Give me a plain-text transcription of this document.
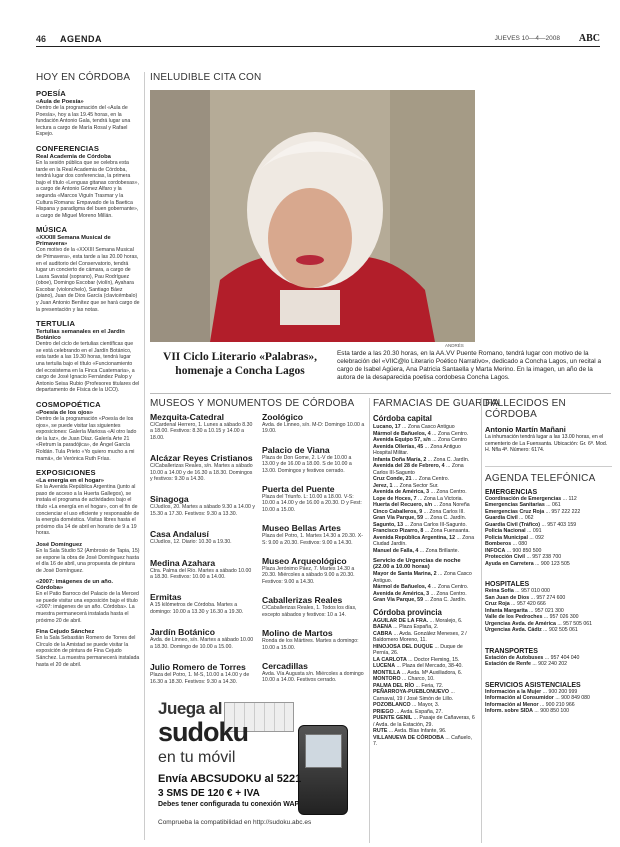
46 AGENDA	JUEVES 10—4—2008 ABC
HOY EN CÓRDOBA
POESÍA
«Aula de Poesía»

Dentro de la programación del «Aula de Poesía», hoy a las 19.45 horas, en la fundación Antonio Gala, tendrá lugar una lectura a cargo de María Rosal y Rafael Espejo.

CONFERENCIAS
Real Academia de Córdoba

En la sesión pública que se celebra esta tarde en la Real Academia de Córdoba, tendrá lugar dos conferencias, la primera bajo el título «Lenguas gitanas cordobesas», a cargo de Antonio Gómez Alfaro y la segunda «Marcos Viguín Trasmar y la Cultura Romana: Empavado de la Baetica Hispana y paradigma del buen gobernante», a cargo de Miguel Moreno Millán.

MÚSICA
«XXXIII Semana Musical de Primavera»

Con motivo de la «XXXIII Semana Musical de Primavera», esta tarde a las 20.00 horas, en el auditorio del Conservatorio, tendrá lugar un concierto de cámara, a cargo de Laura Savatal (soprano), Pau Rodríguez (oboe), Domingo Escobar (violín), Ayahara Escobar (violonchelo), Santiago Báez (piano), Juan de Dios García (clavicémbalo) y Juan Antonio Benítez que se hará cargo de la presentación y las notas.

TERTULIA
Tertulias semanales en el Jardín Botánico

Dentro del ciclo de tertulias científicas que se está celebrando en el Jardín Botánico, esta tarde a las 19.30 horas, tendrá lugar una tertulia bajo el título «Funcionamiento del ecosistema en la Finca Cuaternaria», a cargo de José Ignacio Fernández Palop y Antonio Seisa Rubio (Profesores titulares del departamento de Física de la UCO).

COSMOPOÉTICA
«Poesía de los ojos»

Dentro de la programación «Poesía de los ojos», se puede visitar las siguientes exposiciones: Galería Mariosa «Al otro lado de la luz», de Juan Díaz. Galería Arte 21 «Retrum la paradójica», de Ángel García Roldán. Tula Prieto «Yo quiero mucho a mi mamá», de Verónica Ruth Frías.

EXPOSICIONES
«La energía en el hogar»

En la Avenida República Argentina (junto al paso de acceso a la Huerta Gallegos), se instala el programa de actividades bajo el título «La energía en el hogar», con el fin de concienciar el uso eficiente y responsable de la energía doméstica. Visitas libres hasta el próximo día 14 de abril en horario de 9 a 19 horas.

José Domínguez

En la Sala Studio 52 (Ambrosio de Tapia, 15) se expone la obra de José Domínguez hasta el día 16 de abril, una propuesta de pintura de José Domínguez.

«2007: imágenes de un año. Córdoba»

En el Patio Barroco del Palacio de la Merced se puede visitar una exposición bajo el título «2007: imágenes de un año. Córdoba». La muestra permanecerá instalada hasta el próximo 20 de abril.

Fina Cejudo Sánchez

En la Sala Sebastián Romero de Torres del Círculo de la Amistad se puede visitar la exposición de pintura de Fina Cejudo Sánchez. La muestra permanecerá instalada hasta el 20 de abril.

INELUDIBLE CITA CON
ANDRÉS
VII Ciclo Literario «Palabras», homenaje a Concha Lagos
Esta tarde a las 20.30 horas, en la AA.VV Puente Romano, tendrá lugar con motivo de la celebración del «VIIC@lo Literario Poético Narrativo», dedicado a Concha Lagos, un recital a cargo de Isabel Agüera, Ana Patricia Santaella y Marta Merino. En la imagen, un año de la autora de la desaparecida poetisa cordobesa Concha Lagos.
MUSEOS Y MONUMENTOS DE CÓRDOBA
Mezquita-Catedral

C/Cardenal Herrero, 1. Lunes a sábado 8.30 a 18.00. Festivos: 8.30 a 10.15 y 14.00 a 18.00.

Alcázar Reyes Cristianos

C/Caballerizas Reales, s/n. Martes a sábado 10.00 a 14.00 y de 16.30 a 18.30. Domingos y festivos: 9.30 a 14.30.

Sinagoga

C/Judíos, 20. Martes a sábado 9.30 a 14.00 y 15.30 a 17.30. Festivos: 9.30 a 13.30.

Casa Andalusí

C/Judíos, 12. Diario: 10.30 a 19.30.

Medina Azahara

Ctra. Palma del Río. Martes a sábado 10.00 a 18.30. Festivos: 10.00 a 14.00.

Ermitas

A 15 kilómetros de Córdoba. Martes a domingo: 10.00 a 13.30 y 16.30 a 19.30.

Jardín Botánico

Avda. de Linneo, s/n. Martes a sábado 10.00 a 18.30. Domingo de 10.00 a 15.00.

Julio Romero de Torres

Plaza del Potro, 1. M-S, 10.00 a 14.00 y de 16.30 a 18.30. Festivos: 9.30 a 14.30.

Zoológico

Avda. de Linneo, s/n. M-D: Domingo 10.00 a 19.00.

Palacio de Viana

Plaza de Don Gome, 2. L-V de 10.00 a 13.00 y de 16.00 a 18.00. S de 10.00 a 13.00. Domingos y festivos cerrado.

Puerta del Puente

Plaza del Triunfo. L: 10.00 a 18.00. V-S: 10.00 a 14.00 y de 16.00 a 20.30. D y Fest: 10.00 a 15.00.

Museo Bellas Artes

Plaza del Potro, 1. Martes 14.30 a 20.30. X-S: 9.00 a 20.30. Festivos: 9.00 a 14.30.

Museo Arqueológico

Plaza Jerónimo Páez, 7. Martes 14.30 a 20.30. Miércoles a sábado 9.00 a 20.30. Festivos: 9.00 a 14.30.

Caballerizas Reales

C/Caballerizas Reales, 1. Todos los días, excepto sábados y festivos: 10 a 14.

Molino de Martos

Ronda de los Mártires. Martes a domingo: 10.00 a 15.00.

Cercadillas

Avda. Vía Augusta s/n. Miércoles a domingo 10.00 a 14.00. Festivos cerrado.

FARMACIAS DE GUARDIA
Córdoba capital
Lucano, 17 ... Zona Casco Antiguo
Mármol de Bañuelos, 4 ... Zona Centro.
Avenida Equipo 57, s/n ... Zona Centro
Avenida Ollerías, 45 ... Zona Antiguo Hospital Militar.
Infanta Doña María, 2 ... Zona C. Jardín.
Avenida del 28 de Febrero, 4 ... Zona Carlos III-Sagunto
Cruz Conde, 21 ... Zona Centro.
Jerez, 1 ... Zona Sector Sur.
Avenida de América, 3 ... Zona Centro.
Lope de Hoces, 7 ... Zona La Victoria.
Huerta del Recuero, s/n ... Zona Noreña
Cinco Caballeros, 9 ... Zona Carlos III.
Gran Vía Parque, 59 ... Zona C. Jardín.
Sagunto, 13 ... Zona Carlos III-Sagunto.
Francisco Pizarro, 8 ... Zona Fuensanta.
Avenida República Argentina, 12 ... Zona Ciudad Jardín.
Manuel de Falla, 4 ... Zona Brillante.
Servicio de Urgencias de noche (22.00 a 10.00 horas)
Mayor de Santa Marina, 2 ... Zona Casco Antiguo.
Mármol de Bañuelos, 4 ... Zona Centro.
Avenida de América, 3 ... Zona Centro.
Gran Vía Parque, 59 ... Zona C. Jardín.
Córdoba provincia
AGUILAR DE LA FRA. ... Moralejo, 6.
BAENA ... Plaza España, 2.
CABRA ... Avda. González Meneses, 2 / Baldomero Moreno, 11.
HINOJOSA DEL DUQUE ... Duque de Pernía, 26.
LA CARLOTA ... Doctor Fleming, 15.
LUCENA ... Plaza del Mercado, 38-40.
MONTILLA ... Avda. Mª Auxiliadora, 6.
MONTORO ... Charco, 10.
PALMA DEL RÍO ... Feria, 72.
PEÑARROYA-PUEBLONUEVO ... Carnaval, 19 / José Simón de Lillo.
POZOBLANCO ... Mayor, 3.
PRIEGO ... Avda. España, 27.
PUENTE GENIL ... Pasaje de Cañaveras, 6 / Avda. de la Estación, 29.
RUTE ... Avda. Blas Infante, 96.
VILLANUEVA DE CÓRDOBA ... Cañuelo, 7.
FALLECIDOS EN CÓRDOBA
Antonio Martín Mañani
La inhumación tendrá lugar a las 13.00 horas, en el cementerio de La Fuensanta. Ubicación: Gr. 6ª. Mod. H. Nfla 4ª. Número: 6174.
AGENDA TELEFÓNICA
EMERGENCIAS
Coordinación de Emergencias ... 112
Emergencias Sanitarias ... 061
Emergencias Cruz Roja ... 957 222 222
Guardia Civil ... 062
Guardia Civil (Tráfico) ... 957 403 159
Policía Nacional ... 091
Policía Municipal ... 092
Bomberos ... 080
INFOCA ... 900 850 500
Protección Civil ... 957 238 700
Ayuda en Carretera ... 900 123 505
HOSPITALES
Reina Sofía ... 957 010 000
San Juan de Dios ... 957 274 600
Cruz Roja ... 957 420 666
Infanta Margarita ... 957 021 300
Valle de los Pedroches ... 957 026 300
Urgencias Avda. de América ... 957 505 061
Urgencias Avda. Cádiz ... 902 505 061
TRANSPORTES
Estación de Autobuses ... 957 404 040
Estación de Renfe ... 902 240 202
SERVICIOS ASISTENCIALES
Información a la Mujer ... 900 200 999
Información al Consumidor ... 900 849 080
Información al Menor ... 900 210 966
Inform. sobre SIDA ... 900 850 100
Juega al
sudoku
en tu móvil
Envía ABCSUDOKU al 5221
3 SMS DE 120 € + IVA
Debes tener configurada tu conexión WAP
Comprueba la compatibilidad en http://sudoku.abc.es
